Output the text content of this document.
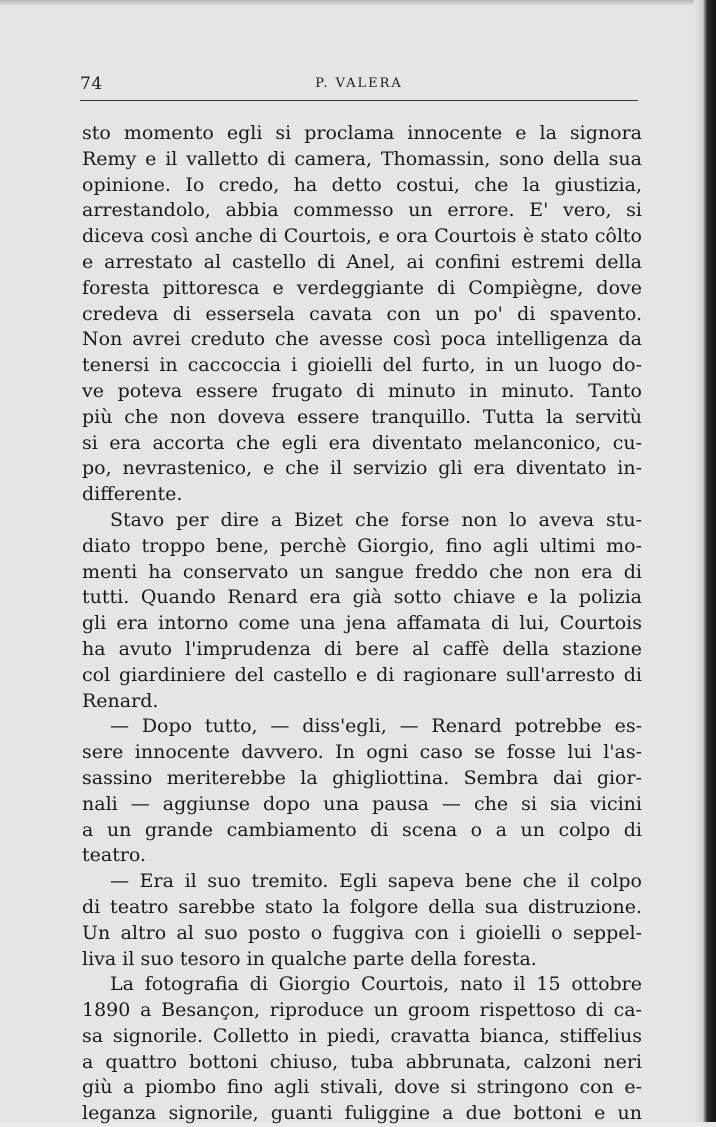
74	P. VALERA
sto momento egli si proclama innocente e la signora
Remy e il valletto di camera, Thomassin, sono della sua
opinione. Io credo, ha detto costui, che la giustizia,
arrestandolo, abbia commesso un errore. E' vero, si
diceva così anche di Courtois, e ora Courtois è stato côlto
e arrestato al castello di Anel, ai confini estremi della
foresta pittoresca e verdeggiante di Compiègne, dove
credeva di essersela cavata con un po' di spavento.
Non avrei creduto che avesse così poca intelligenza da
tenersi in caccoccia i gioielli del furto, in un luogo do-
ve poteva essere frugato di minuto in minuto. Tanto
più che non doveva essere tranquillo. Tutta la servitù
si era accorta che egli era diventato melanconico, cu-
po, nevrastenico, e che il servizio gli era diventato in-
differente.
Stavo per dire a Bizet che forse non lo aveva stu-
diato troppo bene, perchè Giorgio, fino agli ultimi mo-
menti ha conservato un sangue freddo che non era di
tutti. Quando Renard era già sotto chiave e la polizia
gli era intorno come una jena affamata di lui, Courtois
ha avuto l'imprudenza di bere al caffè della stazione
col giardiniere del castello e di ragionare sull'arresto di
Renard.
— Dopo tutto, — diss'egli, — Renard potrebbe es-
sere innocente davvero. In ogni caso se fosse lui l'as-
sassino meriterebbe la ghigliottina. Sembra dai gior-
nali — aggiunse dopo una pausa — che si sia vicini
a un grande cambiamento di scena o a un colpo di
teatro.
— Era il suo tremito. Egli sapeva bene che il colpo
di teatro sarebbe stato la folgore della sua distruzione.
Un altro al suo posto o fuggiva con i gioielli o seppel-
liva il suo tesoro in qualche parte della foresta.
La fotografia di Giorgio Courtois, nato il 15 ottobre
1890 a Besançon, riproduce un groom rispettoso di ca-
sa signorile. Colletto in piedi, cravatta bianca, stiffelius
a quattro bottoni chiuso, tuba abbrunata, calzoni neri
giù a piombo fino agli stivali, dove si stringono con e-
leganza signorile, guanti fuliggine a due bottoni e un
